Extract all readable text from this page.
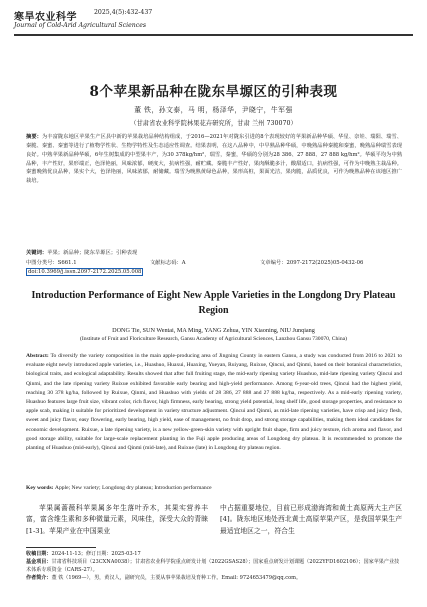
寒旱农业科学	2025,4(5):432-437
Journal of Cold-Arid Agricultural Sciences
8个苹果新品种在陇东旱塬区的引种表现
董 铁，孙文泰，马 明，杨泽华，尹晓宁，牛军强
（甘肃省农业科学院林果花卉研究所，甘肃 兰州 730070）
摘要：为丰富陇东地区苹果生产区县中新的苹果栽培品种结构组成，于2016—2021年对陇东引进的8个表现较好的苹果新品种华硕、华星、奈娃、瑞阳、瑞雪、秦脆、秦蜜、秦蜜等进行了植物学性状、生物学特性及生态适应性调查。结果表明，在这八品种中，中早熟品种华硕，中晚熟品种秦脆和秦蜜，晚熟品种瑞雪表现良好。中熟苹果新品种华硕，6年生树集成的中型果丰产，为30 378kg/hm²，瑞雪，秦蜜，华硕的分别为28 386、27 888、27 888 kg/hm²。华硕平均为中熟品种，丰产性好，果形端正，色泽艳丽，风味浓郁，硬度大，抗病性强，耐贮藏。秦脆丰产性好，果肉酥脆多汁，酸甜适口，抗病性强，可作为中晚熟主栽品种。秦蜜晚熟优良品种，果实个大，色泽艳丽，风味浓郁，耐储藏。瑞雪为晚熟黄绿色品种，果形高桩，果面光洁，果肉脆，品质优良，可作为晚熟品种在该地区推广栽培。
关键词：苹果；新品种；陇东旱塬区；引种表现
中图分类号：S661.1	文献标志码：A	文章编号：2097-2172(2025)05-0432-06
doi:10.3969/j.issn.2097-2172.2025.05.008
Introduction Performance of Eight New Apple Varieties in the Longdong Dry Plateau Region
DONG Tie, SUN Wentai, MA Ming, YANG Zehua, YIN Xiaoning, NIU Junqiang
(Institute of Fruit and Floriculture Research, Gansu Academy of Agricultural Sciences, Lanzhou Gansu 730070, China)
Abstract: To diversify the variety composition in the main apple-producing area of Jingning County in eastern Gansu, a study was conducted from 2016 to 2021 to evaluate eight newly introduced apple varieties, i.e., Huashuo, Huaxui, Huaxing, Yueyan, Ruiyang, Ruixue, Qincui, and Qinmi, based on their botanical characteristics, biological traits, and ecological adaptability. Results showed that after full fruiting stage, the mid-early ripening variety Huashuo, mid-late ripening variety Qincui and Qinmi, and the late ripening variety Ruixue exhibited favorable early bearing and high-yield performance. Among 6-year-old trees, Qincui had the highest yield, reaching 30 378 kg/ha, followed by Ruixue, Qinmi, and Huashuo with yields of 28 386, 27 888 and 27 888 kg/ha, respectively. As a mid-early ripening variety, Huashuo features large fruit size, vibrant color, rich flavor, high firmness, early bearing, strong yield potential, long shelf life, good storage properties, and resistance to apple scab, making it suitable for prioritized development in variety structure adjustment. Qincui and Qinmi, as mid-late ripening varieties, have crisp and juicy flesh, sweet and juicy flavor, easy flowering, early bearing, high yield, ease of management, no fruit drop, and strong storage capabilities, making them ideal candidates for economic development. Ruixue, a late ripening variety, is a new yellow-green-skin variety with upright fruit shape, firm and juicy texture, rich aroma and flavor, and good storage ability, suitable for large-scale replacement planting in the Fuji apple producing areas of Longdong dry plateau. It is recommended to promote the planting of Huashuo (mid-early), Qincui and Qinmi (mid-late), and Ruixue (late) in Longdong dry plateau region.
Key words: Apple; New variety; Longdong dry plateau; Introduction performance
苹果属蔷薇科苹果属多年生落叶乔木，其果实营养丰富，富含维生素和多种微量元素，风味佳，深受大众的青睐[1-3]。苹果产业在中国果业
中占据重要地位，目前已形成渤海湾和黄土高原两大主产区[4]。陇东地区地处西北黄土高原苹果产区，是我国苹果生产最适宜地区之一，符合生
收稿日期：2024-11-13；修订日期：2025-03-17
基金项目：甘肃省科技项目（23CXNA0038）；甘肃省农业科学院重点研发计划（2022GSAS28）；国家重点研发计划课题（2022YFD1602106）；国家苹果产业技术体系专项资金（CARS-27）。
作者简介：董 铁（1969—），男，黄汉人，副研究员，主要从事苹果栽培及育种工作。Email: 9724653479@qq.com。
